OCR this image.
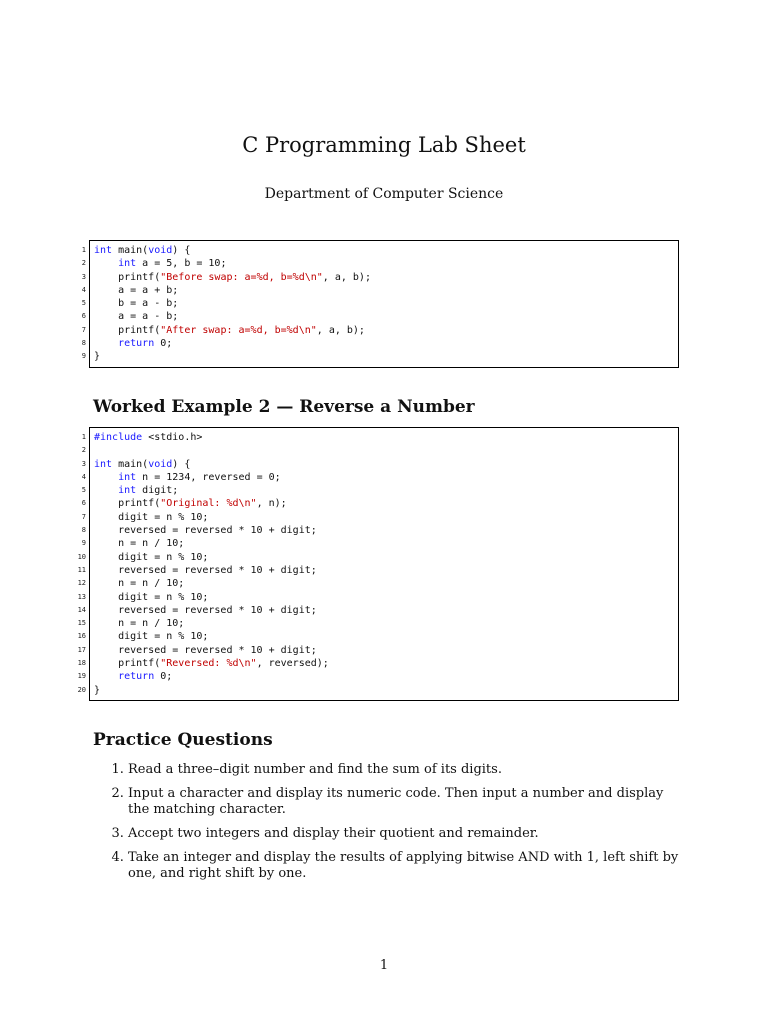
C Programming Lab Sheet
Department of Computer Science
1
2
3
4
5
6
7
8
9
int main(void) {
int a = 5, b = 10;
printf("Before swap: a=%d, b=%d\n", a, b);
a = a + b;
b = a - b;
a = a - b;
printf("After swap: a=%d, b=%d\n", a, b);
return 0;
}
Worked Example 2 — Reverse a Number
1
2
3
4
5
6
7
8
9
10
11
12
13
14
15
16
17
18
19
20
#include <stdio.h>
int main(void) {
int n = 1234, reversed = 0;
int digit;
printf("Original: %d\n", n);
digit = n % 10;
reversed = reversed * 10 + digit;
n = n / 10;
digit = n % 10;
reversed = reversed * 10 + digit;
n = n / 10;
digit = n % 10;
reversed = reversed * 10 + digit;
n = n / 10;
digit = n % 10;
reversed = reversed * 10 + digit;
printf("Reversed: %d\n", reversed);
return 0;
}
Practice Questions
1. Read a three–digit number and find the sum of its digits.
2. Input a character and display its numeric code. Then input a number and display the matching character.
3. Accept two integers and display their quotient and remainder.
4. Take an integer and display the results of applying bitwise AND with 1, left shift by one, and right shift by one.
1
